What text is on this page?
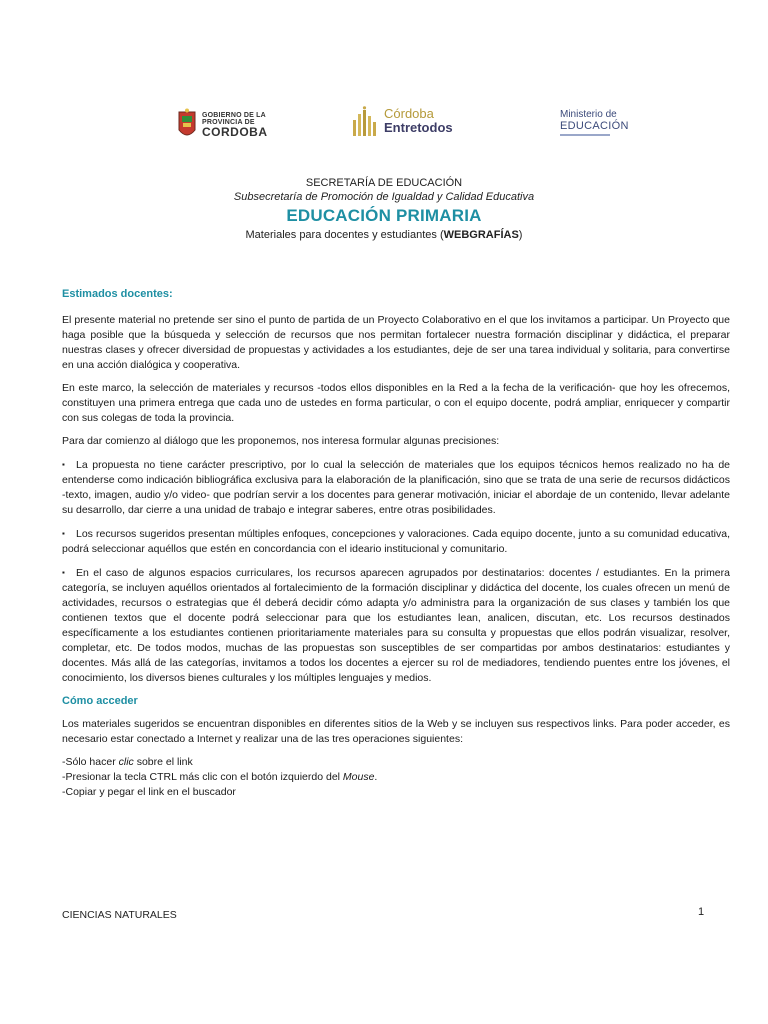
GOBIERNO DE LA
PROVINCIA DE
CORDOBA
Córdoba
Entretodos
Ministerio de
EDUCACIÓN
SECRETARÍA DE EDUCACIÓN
Subsecretaría de Promoción de Igualdad y Calidad Educativa
EDUCACIÓN PRIMARIA
Materiales para docentes y estudiantes (WEBGRAFÍAS)
Estimados docentes:

El presente material no pretende ser sino el punto de partida de un Proyecto Colaborativo en el que los invitamos a participar. Un Proyecto que haga posible que la búsqueda y selección de recursos que nos permitan fortalecer nuestra formación disciplinar y didáctica, el preparar nuestras clases y ofrecer diversidad de propuestas y actividades a los estudiantes, deje de ser una tarea individual y solitaria, para convertirse en una acción dialógica y cooperativa.

En este marco, la selección de materiales y recursos -todos ellos disponibles en la Red a la fecha de la verificación- que hoy les ofrecemos, constituyen una primera entrega que cada uno de ustedes en forma particular, o con el equipo docente, podrá ampliar, enriquecer y compartir con sus colegas de toda la provincia.

Para dar comienzo al diálogo que les proponemos, nos interesa formular algunas precisiones:

▪ La propuesta no tiene carácter prescriptivo, por lo cual la selección de materiales que los equipos técnicos hemos realizado no ha de entenderse como indicación bibliográfica exclusiva para la elaboración de la planificación, sino que se trata de una serie de recursos didácticos -texto, imagen, audio y/o video- que podrían servir a los docentes para generar motivación, iniciar el abordaje de un contenido, llevar adelante su desarrollo, dar cierre a una unidad de trabajo e integrar saberes, entre otras posibilidades.

▪ Los recursos sugeridos presentan múltiples enfoques, concepciones y valoraciones. Cada equipo docente, junto a su comunidad educativa, podrá seleccionar aquéllos que estén en concordancia con el ideario institucional y comunitario.

▪ En el caso de algunos espacios curriculares, los recursos aparecen agrupados por destinatarios: docentes / estudiantes. En la primera categoría, se incluyen aquéllos orientados al fortalecimiento de la formación disciplinar y didáctica del docente, los cuales ofrecen un menú de actividades, recursos o estrategias que él deberá decidir cómo adapta y/o administra para la organización de sus clases y también los que contienen textos que el docente podrá seleccionar para que los estudiantes lean, analicen, discutan, etc. Los recursos destinados específicamente a los estudiantes contienen prioritariamente materiales para su consulta y propuestas que ellos podrán visualizar, resolver, completar, etc. De todos modos, muchas de las propuestas son susceptibles de ser compartidas por ambos destinatarios: estudiantes y docentes. Más allá de las categorías, invitamos a todos los docentes a ejercer su rol de mediadores, tendiendo puentes entre los jóvenes, el conocimiento, los diversos bienes culturales y los múltiples lenguajes y medios.

Cómo acceder

Los materiales sugeridos se encuentran disponibles en diferentes sitios de la Web y se incluyen sus respectivos links. Para poder acceder, es necesario estar conectado a Internet y realizar una de las tres operaciones siguientes:

-Sólo hacer clic sobre el link
-Presionar la tecla CTRL más clic con el botón izquierdo del Mouse.
-Copiar y pegar el link en el buscador
CIENCIAS NATURALES	1
